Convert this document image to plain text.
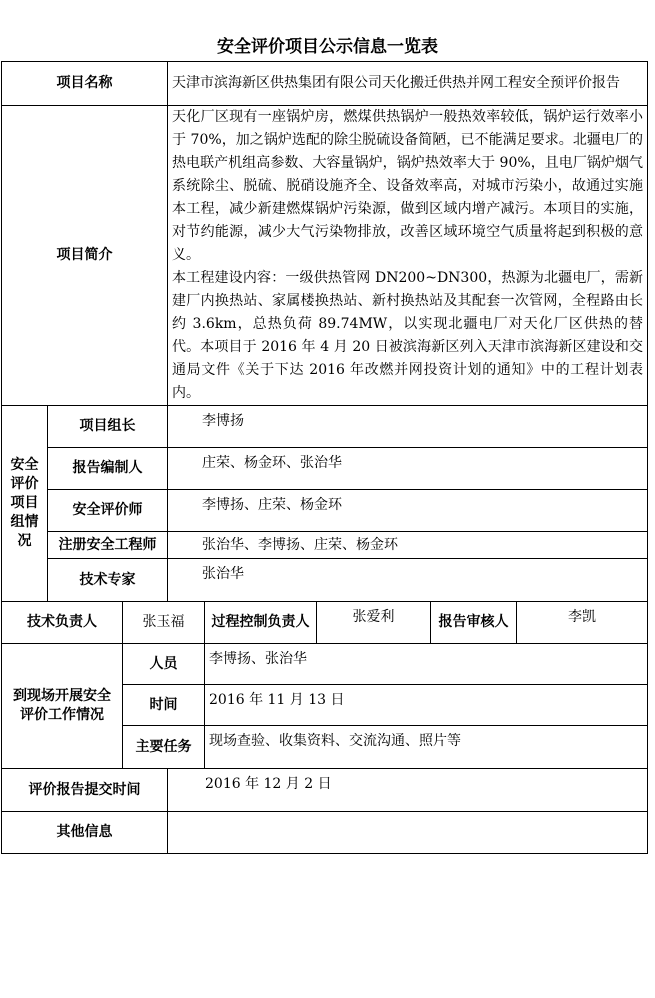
安全评价项目公示信息一览表
项目名称			天津市滨海新区供热集团有限公司天化搬迁供热并网工程安全预评价报告				
项目简介			天化厂区现有一座锅炉房，燃煤供热锅炉一般热效率较低，锅炉运行效率小于 70%，加之锅炉选配的除尘脱硫设备简陋，已不能满足要求。北疆电厂的热电联产机组高参数、大容量锅炉，锅炉热效率大于 90%，且电厂锅炉烟气系统除尘、脱硫、脱硝设施齐全、设备效率高，对城市污染小，故通过实施本工程，减少新建燃煤锅炉污染源，做到区域内增产减污。本项目的实施，对节约能源，减少大气污染物排放，改善区域环境空气质量将起到积极的意义。

本工程建设内容：一级供热管网 DN200~DN300，热源为北疆电厂，需新建厂内换热站、家属楼换热站、新村换热站及其配套一次管网，全程路由长约 3.6km，总热负荷 89.74MW，以实现北疆电厂对天化厂区供热的替代。本项目于 2016 年 4 月 20 日被滨海新区列入天津市滨海新区建设和交通局文件《关于下达 2016 年改燃并网投资计划的通知》中的工程计划表内。				

安全评价项目组情况	项目组长		李博扬				
	报告编制人		庄荣、杨金环、张治华				
	安全评价师		李博扬、庄荣、杨金环				
	注册安全工程师		张治华、李博扬、庄荣、杨金环				
	技术专家		张治华				
技术负责人		张玉福		过程控制负责人	张爱利	报告审核人	李凯
到现场开展安全评价工作情况		人员		李博扬、张治华			
		时间		2016 年 11 月 13 日			
		主要任务		现场查验、收集资料、交流沟通、照片等			
评价报告提交时间			2016 年 12 月 2 日				
其他信息							
